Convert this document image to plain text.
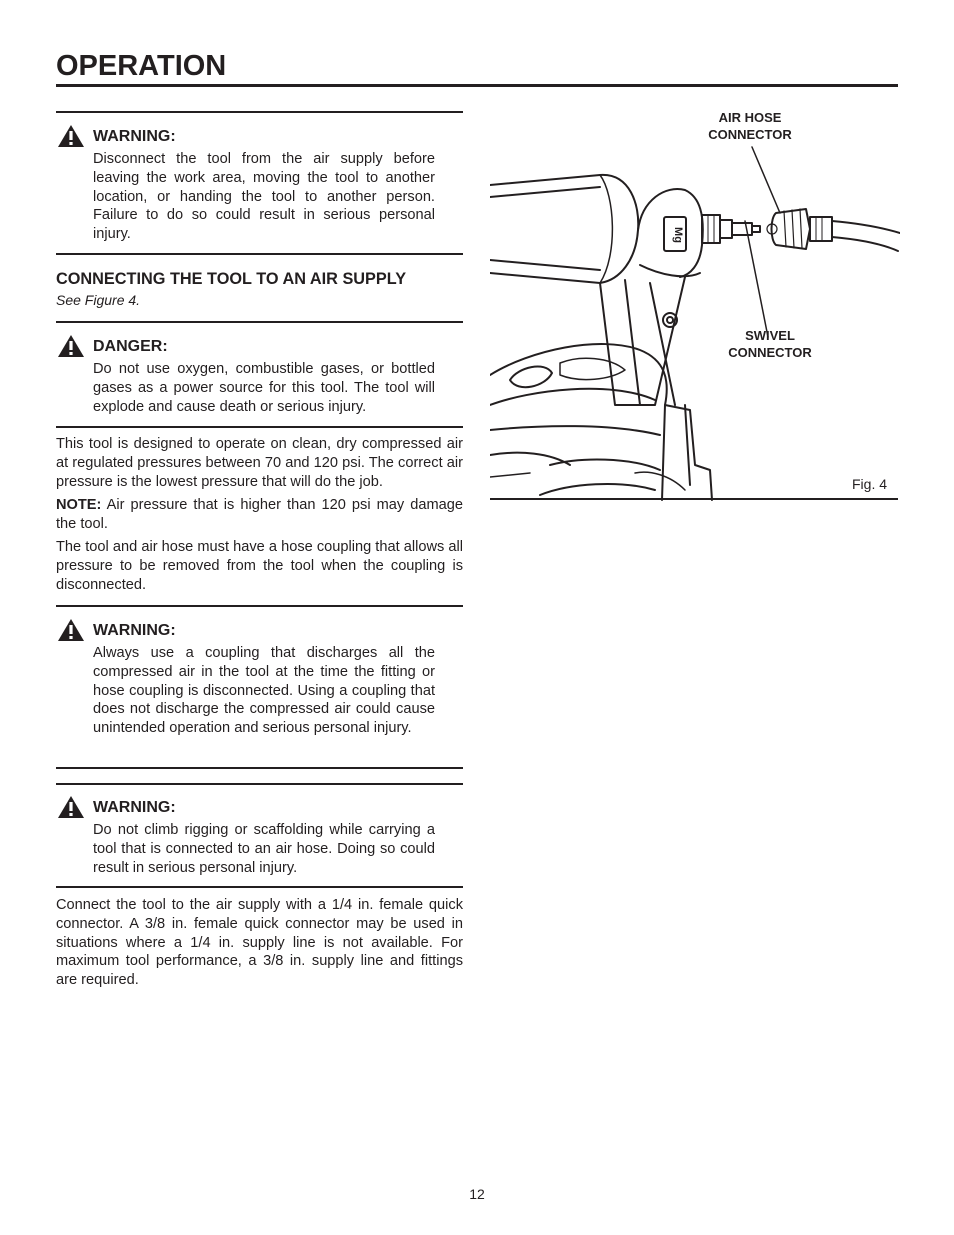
OPERATION
WARNING:

Disconnect the tool from the air supply before leaving the work area, moving the tool to another location, or handing the tool to another person. Failure to do so could result in serious personal injury.

CONNECTING THE TOOL TO AN AIR SUPPLY
See Figure 4.
DANGER:

Do not use oxygen, combustible gases, or bottled gases as a power source for this tool. The tool will explode and cause death or serious injury.

This tool is designed to operate on clean, dry compressed air at regulated pressures between 70 and 120 psi. The correct air pressure is the lowest pressure that will do the job.

NOTE: Air pressure that is higher than 120 psi may damage the tool.

The tool and air hose must have a hose coupling that allows all pressure to be removed from the tool when the coupling is disconnected.

WARNING:

Always use a coupling that discharges all the compressed air in the tool at the time the fitting or hose coupling is disconnected. Using a coupling that does not discharge the compressed air could cause unintended operation and serious personal injury.

WARNING:

Do not climb rigging or scaffolding while carrying a tool that is connected to an air hose. Doing so could result in serious personal injury.

Connect the tool to the air supply with a 1/4 in. female quick connector. A 3/8 in. female quick connector may be used in situations where a 1/4 in. supply line is not available. For maximum tool performance, a 3/8 in. supply line and fittings are required.

Mg
AIR HOSE
CONNECTOR
SWIVEL
CONNECTOR
Fig. 4
12
